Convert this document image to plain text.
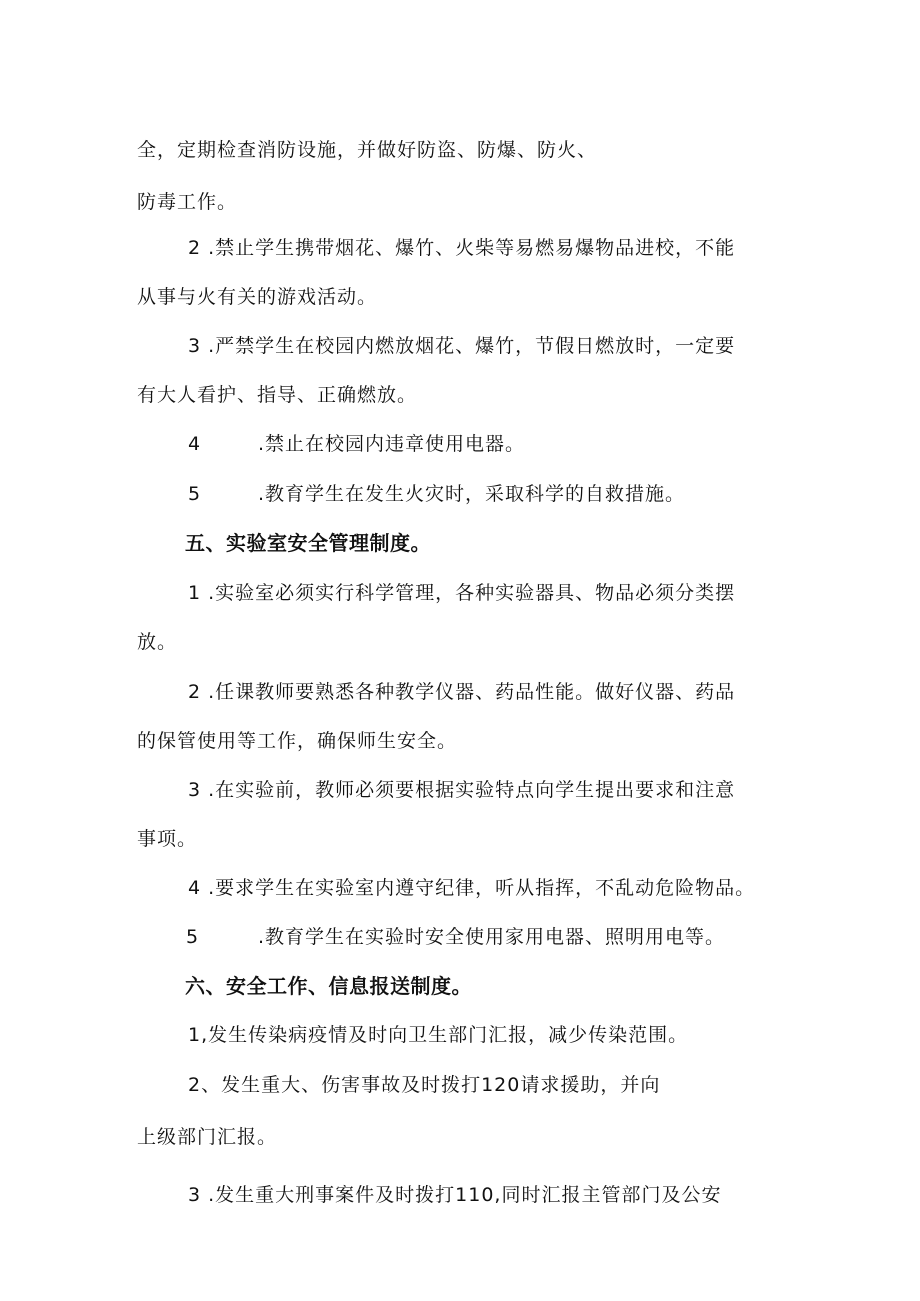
全，定期检查消防设施，并做好防盗、防爆、防火、
防毒工作。
2 .禁止学生携带烟花、爆竹、火柴等易燃易爆物品进校，不能
从事与火有关的游戏活动。
3 .严禁学生在校园内燃放烟花、爆竹，节假日燃放时，一定要
有大人看护、指导、正确燃放。
4	.禁止在校园内违章使用电器。
5	.教育学生在发生火灾时，采取科学的自救措施。
五、实验室安全管理制度。
1 .实验室必须实行科学管理，各种实验器具、物品必须分类摆
放。
2 .任课教师要熟悉各种教学仪器、药品性能。做好仪器、药品
的保管使用等工作，确保师生安全。
3 .在实验前，教师必须要根据实验特点向学生提出要求和注意
事项。
4 .要求学生在实验室内遵守纪律，听从指挥，不乱动危险物品。
5	.教育学生在实验时安全使用家用电器、照明用电等。
六、安全工作、信息报送制度。
1,发生传染病疫情及时向卫生部门汇报，减少传染范围。
2、发生重大、伤害事故及时拨打120请求援助，并向
上级部门汇报。
3 .发生重大刑事案件及时拨打110,同时汇报主管部门及公安
